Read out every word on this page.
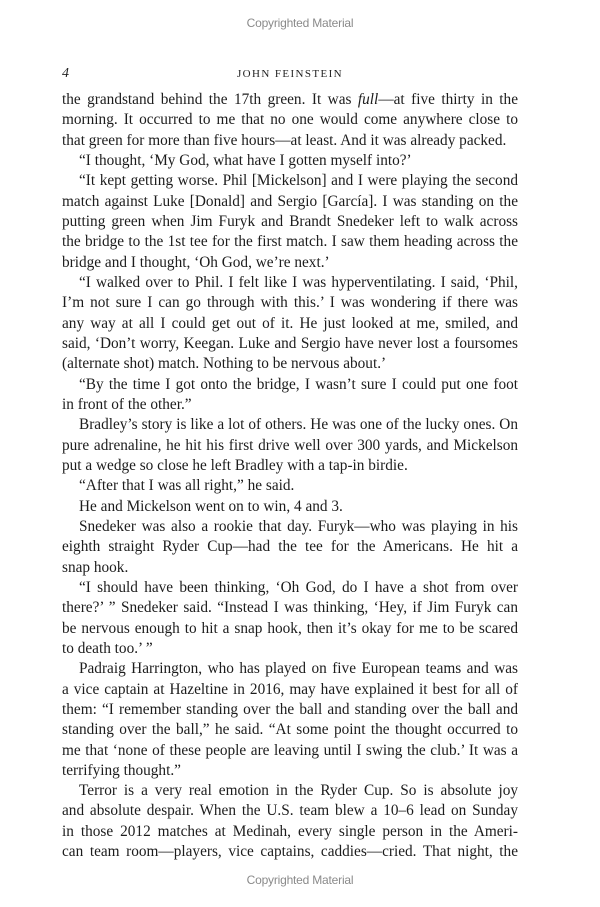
Copyrighted Material
4	JOHN FEINSTEIN
the grandstand behind the 17th green. It was full—at five thirty in the
morning. It occurred to me that no one would come anywhere close to
that green for more than five hours—at least. And it was already packed.
“I thought, ‘My God, what have I gotten myself into?’
“It kept getting worse. Phil [Mickelson] and I were playing the second
match against Luke [Donald] and Sergio [García]. I was standing on the
putting green when Jim Furyk and Brandt Snedeker left to walk across
the bridge to the 1st tee for the first match. I saw them heading across the
bridge and I thought, ‘Oh God, we’re next.’
“I walked over to Phil. I felt like I was hyperventilating. I said, ‘Phil,
I’m not sure I can go through with this.’ I was wondering if there was
any way at all I could get out of it. He just looked at me, smiled, and
said, ‘Don’t worry, Keegan. Luke and Sergio have never lost a foursomes
(alternate shot) match. Nothing to be nervous about.’
“By the time I got onto the bridge, I wasn’t sure I could put one foot
in front of the other.”
Bradley’s story is like a lot of others. He was one of the lucky ones. On
pure adrenaline, he hit his first drive well over 300 yards, and Mickelson
put a wedge so close he left Bradley with a tap-in birdie.
“After that I was all right,” he said.
He and Mickelson went on to win, 4 and 3.
Snedeker was also a rookie that day. Furyk—who was playing in his
eighth straight Ryder Cup—had the tee for the Americans. He hit a
snap hook.
“I should have been thinking, ‘Oh God, do I have a shot from over
there?’ ” Snedeker said. “Instead I was thinking, ‘Hey, if Jim Furyk can
be nervous enough to hit a snap hook, then it’s okay for me to be scared
to death too.’ ”
Padraig Harrington, who has played on five European teams and was
a vice captain at Hazeltine in 2016, may have explained it best for all of
them: “I remember standing over the ball and standing over the ball and
standing over the ball,” he said. “At some point the thought occurred to
me that ‘none of these people are leaving until I swing the club.’ It was a
terrifying thought.”
Terror is a very real emotion in the Ryder Cup. So is absolute joy
and absolute despair. When the U.S. team blew a 10–6 lead on Sunday
in those 2012 matches at Medinah, every single person in the Ameri-
can team room—players, vice captains, caddies—cried. That night, the
Copyrighted Material
